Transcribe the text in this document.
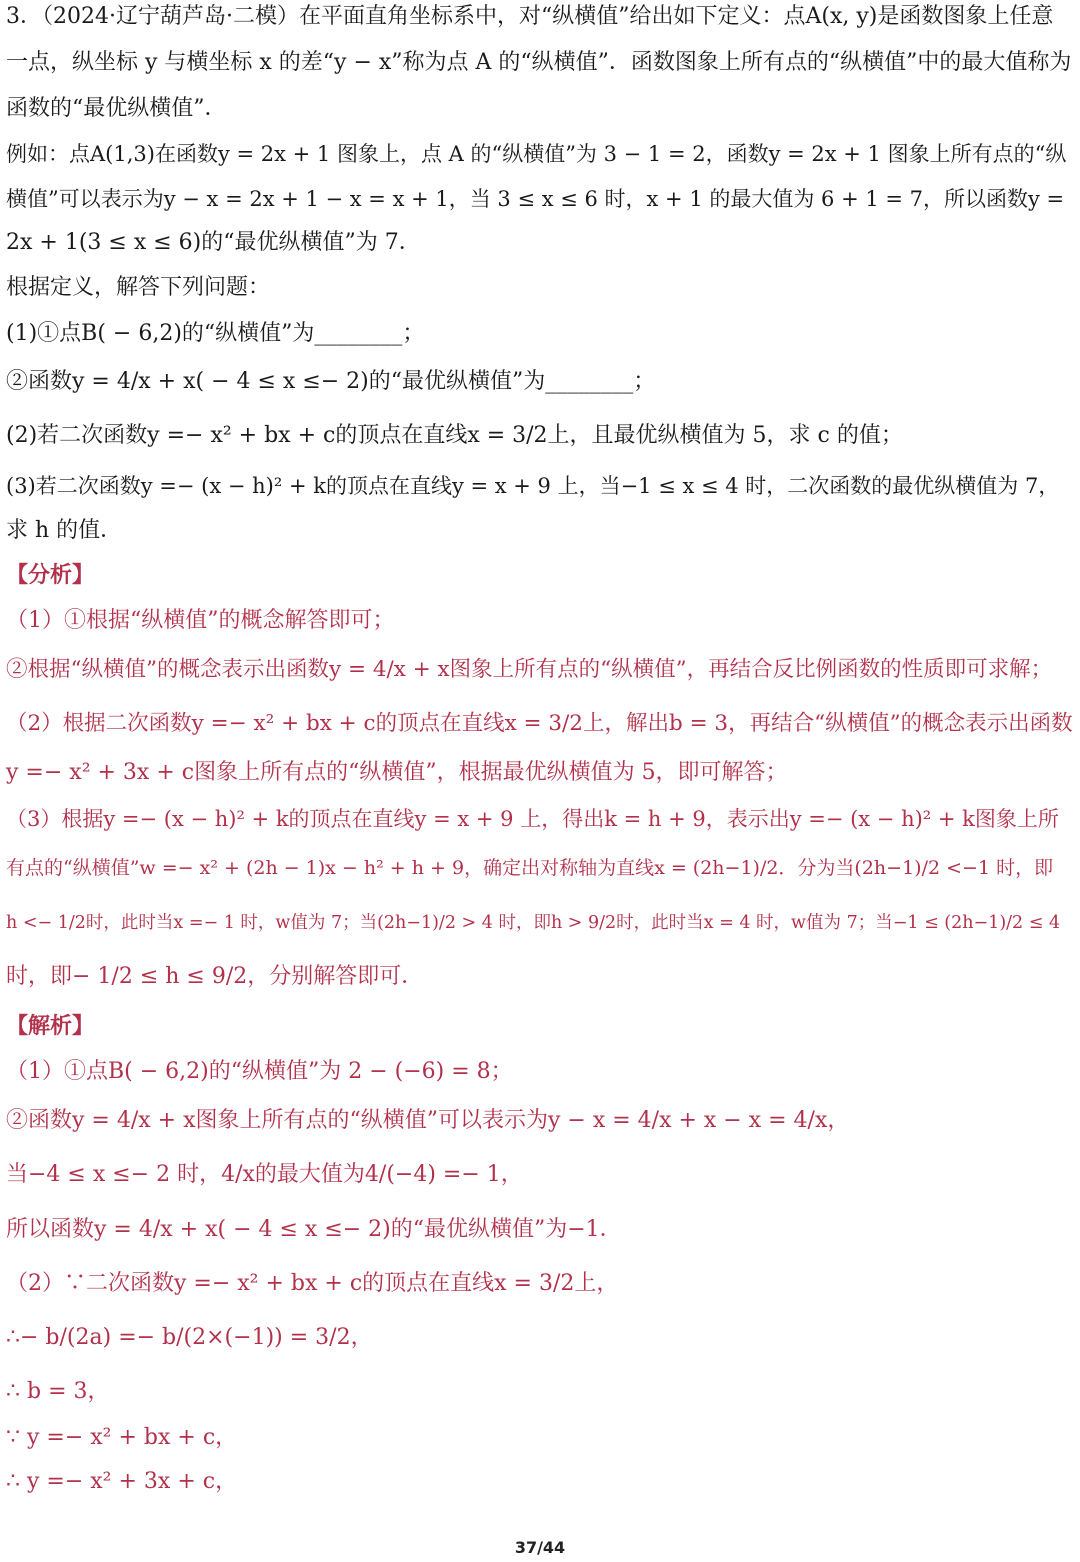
3．（2024·辽宁葫芦岛·二模）在平面直角坐标系中，对“纵横值”给出如下定义：点A(x, y)是函数图象上任意
一点，纵坐标 y 与横坐标 x 的差“y − x”称为点 A 的“纵横值”．函数图象上所有点的“纵横值”中的最大值称为
函数的“最优纵横值”．
例如：点A(1,3)在函数y = 2x + 1 图象上，点 A 的“纵横值”为 3 − 1 = 2，函数y = 2x + 1 图象上所有点的“纵
横值”可以表示为y − x = 2x + 1 − x = x + 1，当 3 ≤ x ≤ 6 时，x + 1 的最大值为 6 + 1 = 7，所以函数y =
2x + 1(3 ≤ x ≤ 6)的“最优纵横值”为 7．
根据定义，解答下列问题：
(1)①点B( − 6,2)的“纵横值”为________；
②函数y = 4/x + x( − 4 ≤ x ≤− 2)的“最优纵横值”为________；
(2)若二次函数y =− x² + bx + c的顶点在直线x = 3/2上，且最优纵横值为 5，求 c 的值；
(3)若二次函数y =− (x − h)² + k的顶点在直线y = x + 9 上，当−1 ≤ x ≤ 4 时，二次函数的最优纵横值为 7，
求 h 的值．
【分析】
（1）①根据“纵横值”的概念解答即可；
②根据“纵横值”的概念表示出函数y = 4/x + x图象上所有点的“纵横值”，再结合反比例函数的性质即可求解；
（2）根据二次函数y =− x² + bx + c的顶点在直线x = 3/2上，解出b = 3，再结合“纵横值”的概念表示出函数
y =− x² + 3x + c图象上所有点的“纵横值”，根据最优纵横值为 5，即可解答；
（3）根据y =− (x − h)² + k的顶点在直线y = x + 9 上，得出k = h + 9，表示出y =− (x − h)² + k图象上所
有点的“纵横值”w =− x² + (2h − 1)x − h² + h + 9，确定出对称轴为直线x = (2h−1)/2．分为当(2h−1)/2 <−1 时，即
h <− 1/2时，此时当x =− 1 时，w值为 7；当(2h−1)/2 > 4 时，即h > 9/2时，此时当x = 4 时，w值为 7；当−1 ≤ (2h−1)/2 ≤ 4
时，即− 1/2 ≤ h ≤ 9/2，分别解答即可．
【解析】
（1）①点B( − 6,2)的“纵横值”为 2 − (−6) = 8；
②函数y = 4/x + x图象上所有点的“纵横值”可以表示为y − x = 4/x + x − x = 4/x，
当−4 ≤ x ≤− 2 时，4/x的最大值为4/(−4) =− 1，
所以函数y = 4/x + x( − 4 ≤ x ≤− 2)的“最优纵横值”为−1．
（2）∵二次函数y =− x² + bx + c的顶点在直线x = 3/2上，
∴− b/(2a) =− b/(2×(−1)) = 3/2，
∴ b = 3，
∵ y =− x² + bx + c，
∴ y =− x² + 3x + c，
37/44
